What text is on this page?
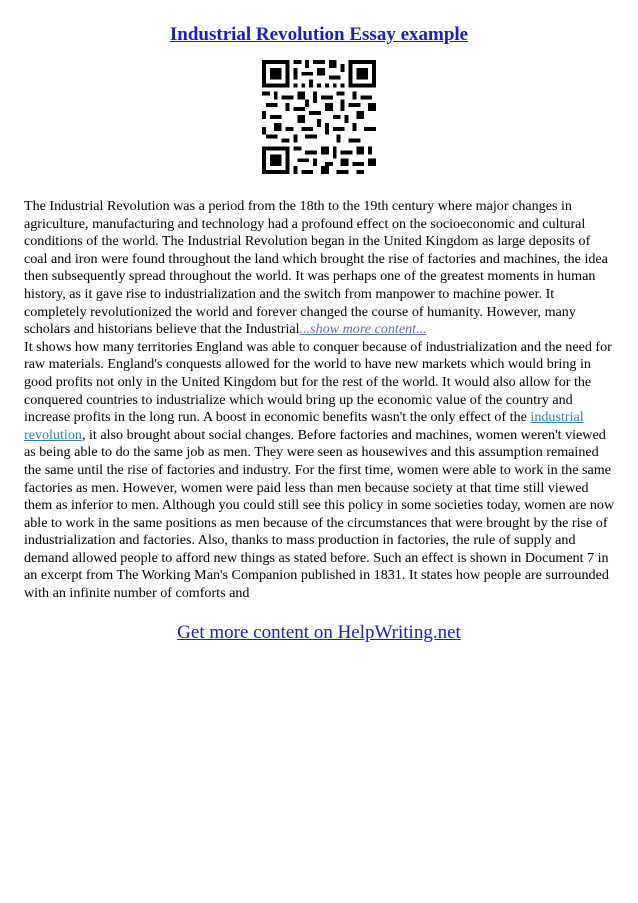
Industrial Revolution Essay example

The Industrial Revolution was a period from the 18th to the 19th century where major changes in agriculture, manufacturing and technology had a profound effect on the socioeconomic and cultural conditions of the world. The Industrial Revolution began in the United Kingdom as large deposits of coal and iron were found throughout the land which brought the rise of factories and machines, the idea then subsequently spread throughout the world. It was perhaps one of the greatest moments in human history, as it gave rise to industrialization and the switch from manpower to machine power. It completely revolutionized the world and forever changed the course of humanity. However, many scholars and historians believe that the Industrial...show more content...

It shows how many territories England was able to conquer because of industrialization and the need for raw materials. England's conquests allowed for the world to have new markets which would bring in good profits not only in the United Kingdom but for the rest of the world. It would also allow for the conquered countries to industrialize which would bring up the economic value of the country and increase profits in the long run. A boost in economic benefits wasn't the only effect of the industrial revolution, it also brought about social changes. Before factories and machines, women weren't viewed as being able to do the same job as men. They were seen as housewives and this assumption remained the same until the rise of factories and industry. For the first time, women were able to work in the same factories as men. However, women were paid less than men because society at that time still viewed them as inferior to men. Although you could still see this policy in some societies today, women are now able to work in the same positions as men because of the circumstances that were brought by the rise of industrialization and factories. Also, thanks to mass production in factories, the rule of supply and demand allowed people to afford new things as stated before. Such an effect is shown in Document 7 in an excerpt from The Working Man's Companion published in 1831. It states how people are surrounded with an infinite number of comforts and

Get more content on HelpWriting.net
